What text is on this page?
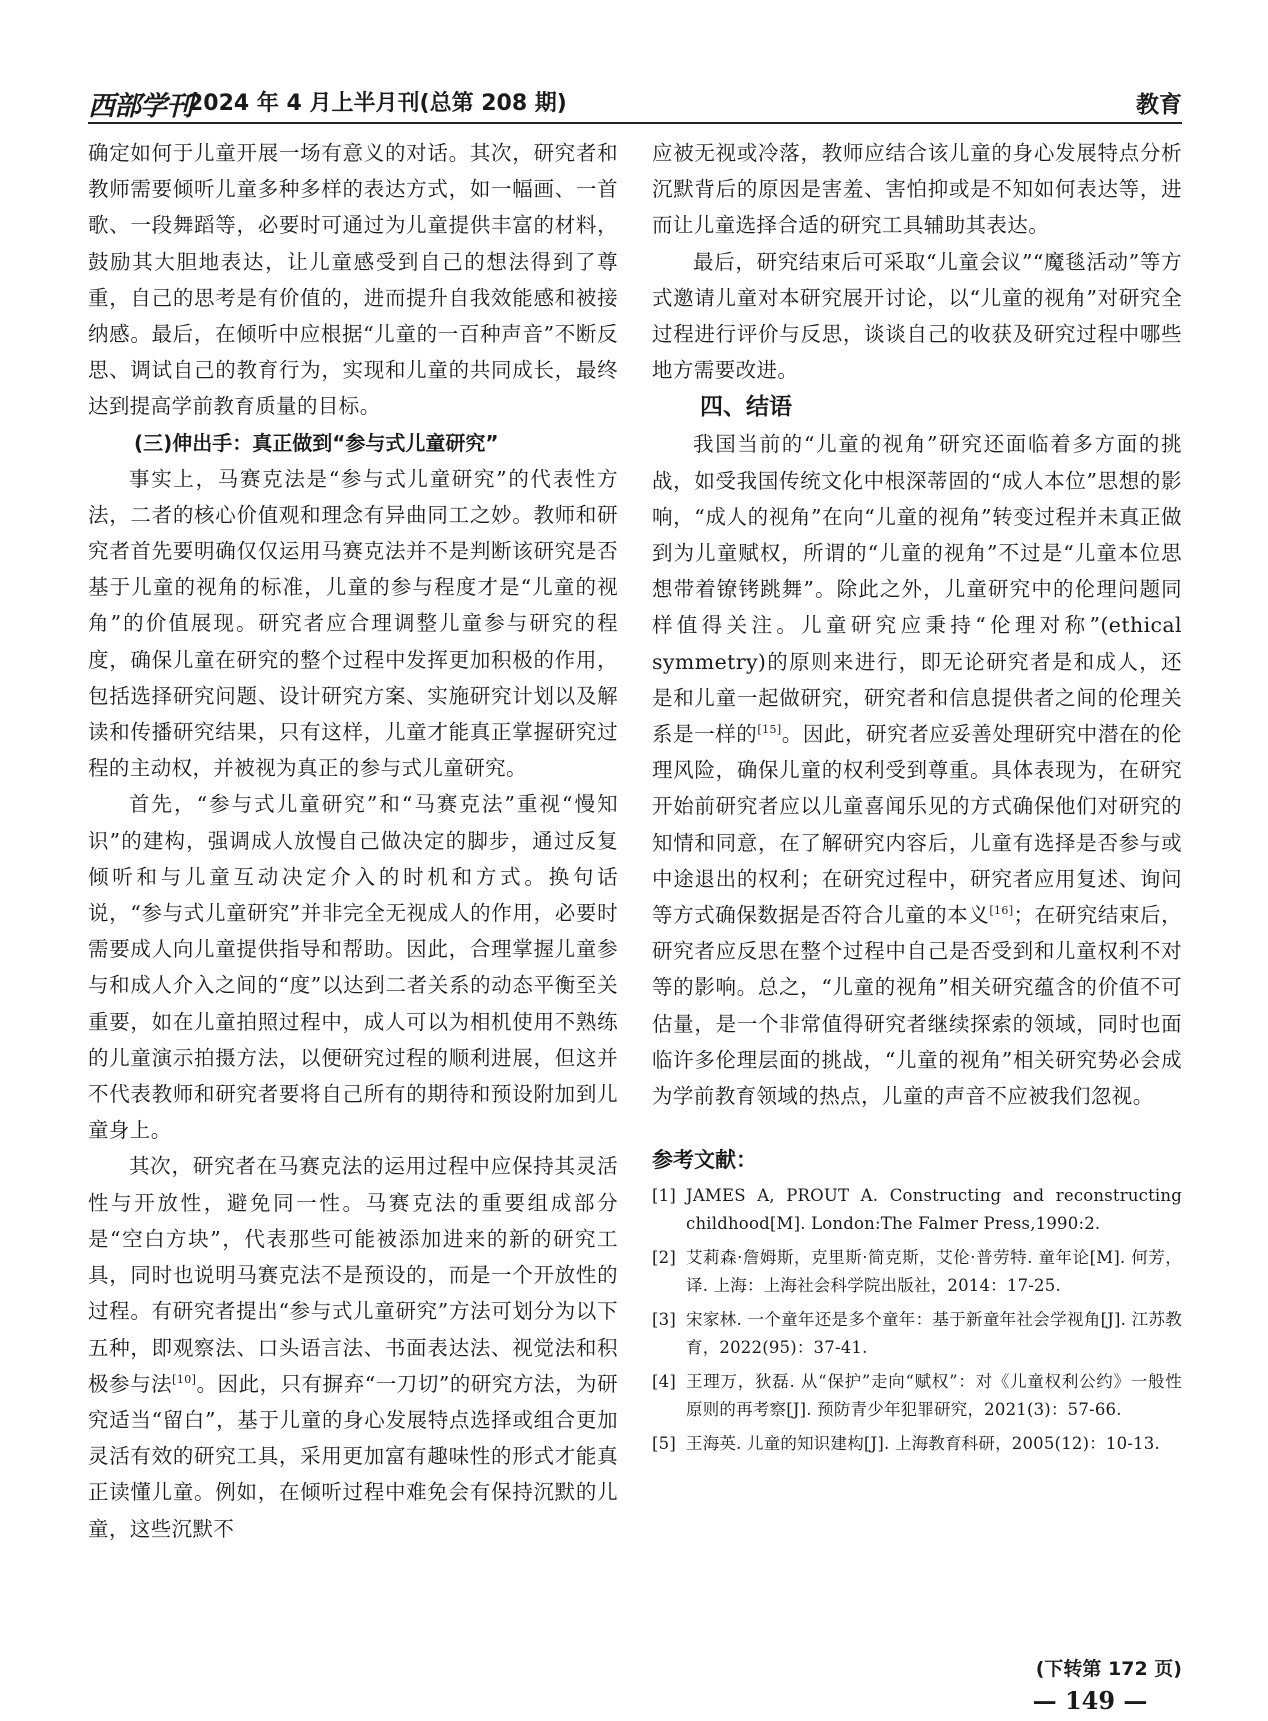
西部学刊
2024 年 4 月上半月刊(总第 208 期)	教育

确定如何于儿童开展一场有意义的对话。其次，研究者和教师需要倾听儿童多种多样的表达方式，如一幅画、一首歌、一段舞蹈等，必要时可通过为儿童提供丰富的材料，鼓励其大胆地表达，让儿童感受到自己的想法得到了尊重，自己的思考是有价值的，进而提升自我效能感和被接纳感。最后，在倾听中应根据“儿童的一百种声音”不断反思、调试自己的教育行为，实现和儿童的共同成长，最终达到提高学前教育质量的目标。

(三)伸出手：真正做到“参与式儿童研究”

事实上，马赛克法是“参与式儿童研究”的代表性方法，二者的核心价值观和理念有异曲同工之妙。教师和研究者首先要明确仅仅运用马赛克法并不是判断该研究是否基于儿童的视角的标准，儿童的参与程度才是“儿童的视角”的价值展现。研究者应合理调整儿童参与研究的程度，确保儿童在研究的整个过程中发挥更加积极的作用，包括选择研究问题、设计研究方案、实施研究计划以及解读和传播研究结果，只有这样，儿童才能真正掌握研究过程的主动权，并被视为真正的参与式儿童研究。

首先，“参与式儿童研究”和“马赛克法”重视“慢知识”的建构，强调成人放慢自己做决定的脚步，通过反复倾听和与儿童互动决定介入的时机和方式。换句话说，“参与式儿童研究”并非完全无视成人的作用，必要时需要成人向儿童提供指导和帮助。因此，合理掌握儿童参与和成人介入之间的“度”以达到二者关系的动态平衡至关重要，如在儿童拍照过程中，成人可以为相机使用不熟练的儿童演示拍摄方法，以便研究过程的顺利进展，但这并不代表教师和研究者要将自己所有的期待和预设附加到儿童身上。

其次，研究者在马赛克法的运用过程中应保持其灵活性与开放性，避免同一性。马赛克法的重要组成部分是“空白方块”，代表那些可能被添加进来的新的研究工具，同时也说明马赛克法不是预设的，而是一个开放性的过程。有研究者提出“参与式儿童研究”方法可划分为以下五种，即观察法、口头语言法、书面表达法、视觉法和积极参与法[10]。因此，只有摒弃“一刀切”的研究方法，为研究适当“留白”，基于儿童的身心发展特点选择或组合更加灵活有效的研究工具，采用更加富有趣味性的形式才能真正读懂儿童。例如，在倾听过程中难免会有保持沉默的儿童，这些沉默不

应被无视或冷落，教师应结合该儿童的身心发展特点分析沉默背后的原因是害羞、害怕抑或是不知如何表达等，进而让儿童选择合适的研究工具辅助其表达。

最后，研究结束后可采取“儿童会议”“魔毯活动”等方式邀请儿童对本研究展开讨论，以“儿童的视角”对研究全过程进行评价与反思，谈谈自己的收获及研究过程中哪些地方需要改进。

四、结语

我国当前的“儿童的视角”研究还面临着多方面的挑战，如受我国传统文化中根深蒂固的“成人本位”思想的影响，“成人的视角”在向“儿童的视角”转变过程并未真正做到为儿童赋权，所谓的“儿童的视角”不过是“儿童本位思想带着镣铐跳舞”。除此之外，儿童研究中的伦理问题同样值得关注。儿童研究应秉持“伦理对称”(ethical symmetry)的原则来进行，即无论研究者是和成人，还是和儿童一起做研究，研究者和信息提供者之间的伦理关系是一样的[15]。因此，研究者应妥善处理研究中潜在的伦理风险，确保儿童的权利受到尊重。具体表现为，在研究开始前研究者应以儿童喜闻乐见的方式确保他们对研究的知情和同意，在了解研究内容后，儿童有选择是否参与或中途退出的权利；在研究过程中，研究者应用复述、询问等方式确保数据是否符合儿童的本义[16]；在研究结束后，研究者应反思在整个过程中自己是否受到和儿童权利不对等的影响。总之，“儿童的视角”相关研究蕴含的价值不可估量，是一个非常值得研究者继续探索的领域，同时也面临许多伦理层面的挑战，“儿童的视角”相关研究势必会成为学前教育领域的热点，儿童的声音不应被我们忽视。

参考文献：
[1] JAMES A, PROUT A. Constructing and reconstructing childhood[M]. London:The Falmer Press,1990:2.
[2] 艾莉森·詹姆斯，克里斯·简克斯，艾伦·普劳特. 童年论[M]. 何芳，译. 上海：上海社会科学院出版社，2014：17-25.
[3] 宋家林. 一个童年还是多个童年：基于新童年社会学视角[J]. 江苏教育，2022(95)：37-41.
[4] 王理万，狄磊. 从“保护”走向“赋权”：对《儿童权利公约》一般性原则的再考察[J]. 预防青少年犯罪研究，2021(3)：57-66.
[5] 王海英. 儿童的知识建构[J]. 上海教育科研，2005(12)：10-13.
(下转第 172 页)
— 149 —
